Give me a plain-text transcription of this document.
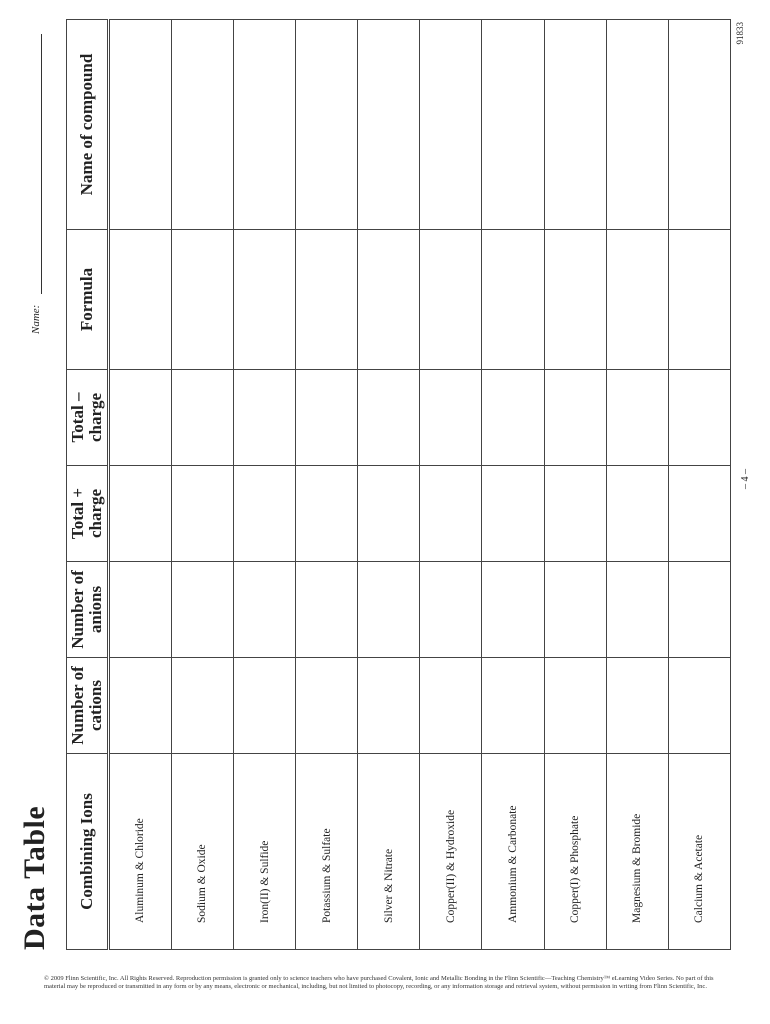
Data Table
Name:
Combining Ions	Number of cations	Number of anions	Total + charge	Total – charge	Formula	Name of compound
Aluminum & Chloride						
Sodium & Oxide						
Iron(II) & Sulfide						
Potassium & Sulfate						
Silver & Nitrate						
Copper(II) & Hydroxide						
Ammonium & Carbonate						
Copper(I) & Phosphate						
Magnesium & Bromide						
Calcium & Acetate						
– 4 –
91833
© 2009 Flinn Scientific, Inc. All Rights Reserved. Reproduction permission is granted only to science teachers who have purchased Covalent, Ionic and Metallic Bonding in the Flinn Scientific—Teaching Chemistry™ eLearning Video Series. No part of this material may be reproduced or transmitted in any form or by any means, electronic or mechanical, including, but not limited to photocopy, recording, or any information storage and retrieval system, without permission in writing from Flinn Scientific, Inc.
